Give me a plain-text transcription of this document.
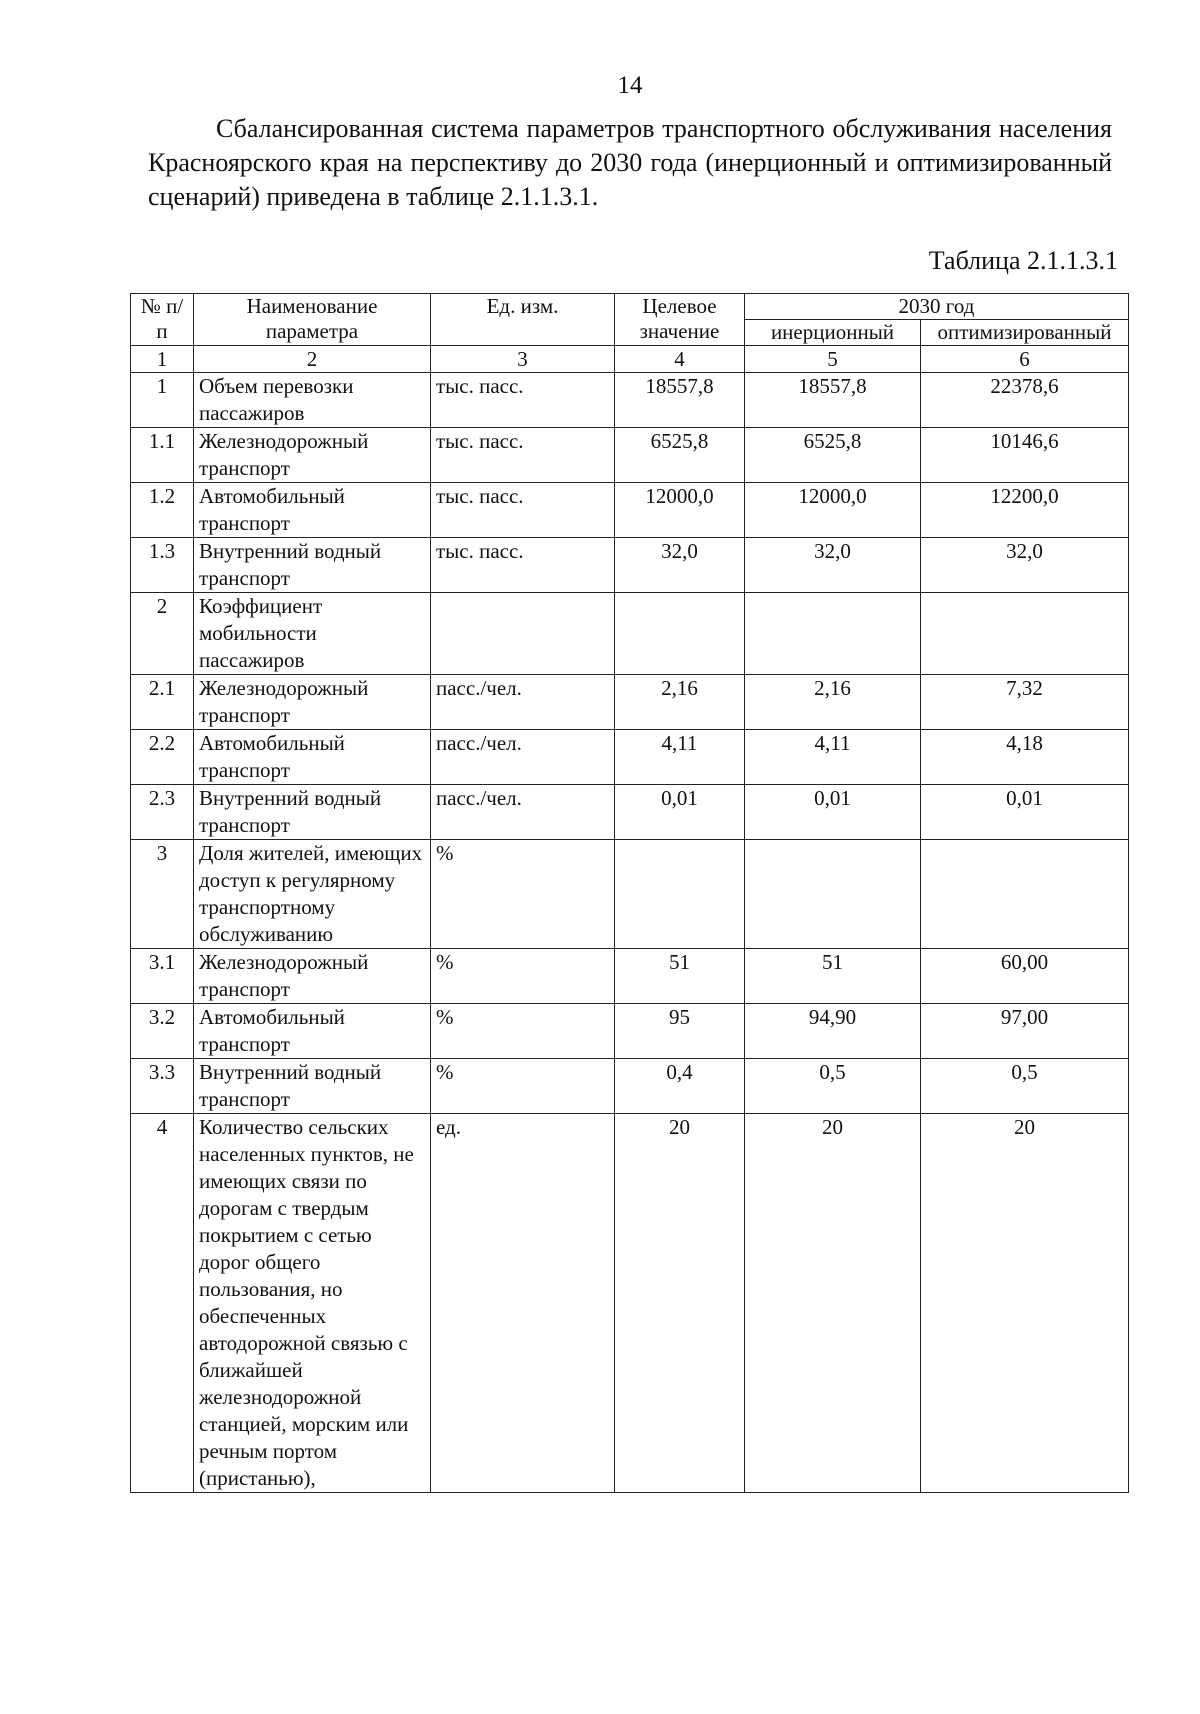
14

Сбалансированная система параметров транспортного обслуживания населения Красноярского края на перспективу до 2030 года (инерционный и оптимизированный сценарий) приведена в таблице 2.1.1.3.1.

Таблица 2.1.1.3.1
№ п/п	Наименование параметра	Ед. изм.	Целевое значение	2030 год	
				инерционный	оптимизированный
1	2	3	4	5	6
1	Объем перевозки пассажиров	тыс. пасс.	18557,8	18557,8	22378,6
1.1	Железнодорожный транспорт	тыс. пасс.	6525,8	6525,8	10146,6
1.2	Автомобильный транспорт	тыс. пасс.	12000,0	12000,0	12200,0
1.3	Внутренний водный транспорт	тыс. пасс.	32,0	32,0	32,0
2	Коэффициент мобильности пассажиров				
2.1	Железнодорожный транспорт	пасс./чел.	2,16	2,16	7,32
2.2	Автомобильный транспорт	пасс./чел.	4,11	4,11	4,18
2.3	Внутренний водный транспорт	пасс./чел.	0,01	0,01	0,01
3	Доля жителей, имеющих доступ к регулярному транспортному обслуживанию	%			
3.1	Железнодорожный транспорт	%	51	51	60,00
3.2	Автомобильный транспорт	%	95	94,90	97,00
3.3	Внутренний водный транспорт	%	0,4	0,5	0,5
4	Количество сельских населенных пунктов, не имеющих связи по дорогам с твердым покрытием с сетью дорог общего пользования, но обеспеченных автодорожной связью с ближайшей железнодорожной станцией, морским или речным портом (пристанью),	ед.	20	20	20
